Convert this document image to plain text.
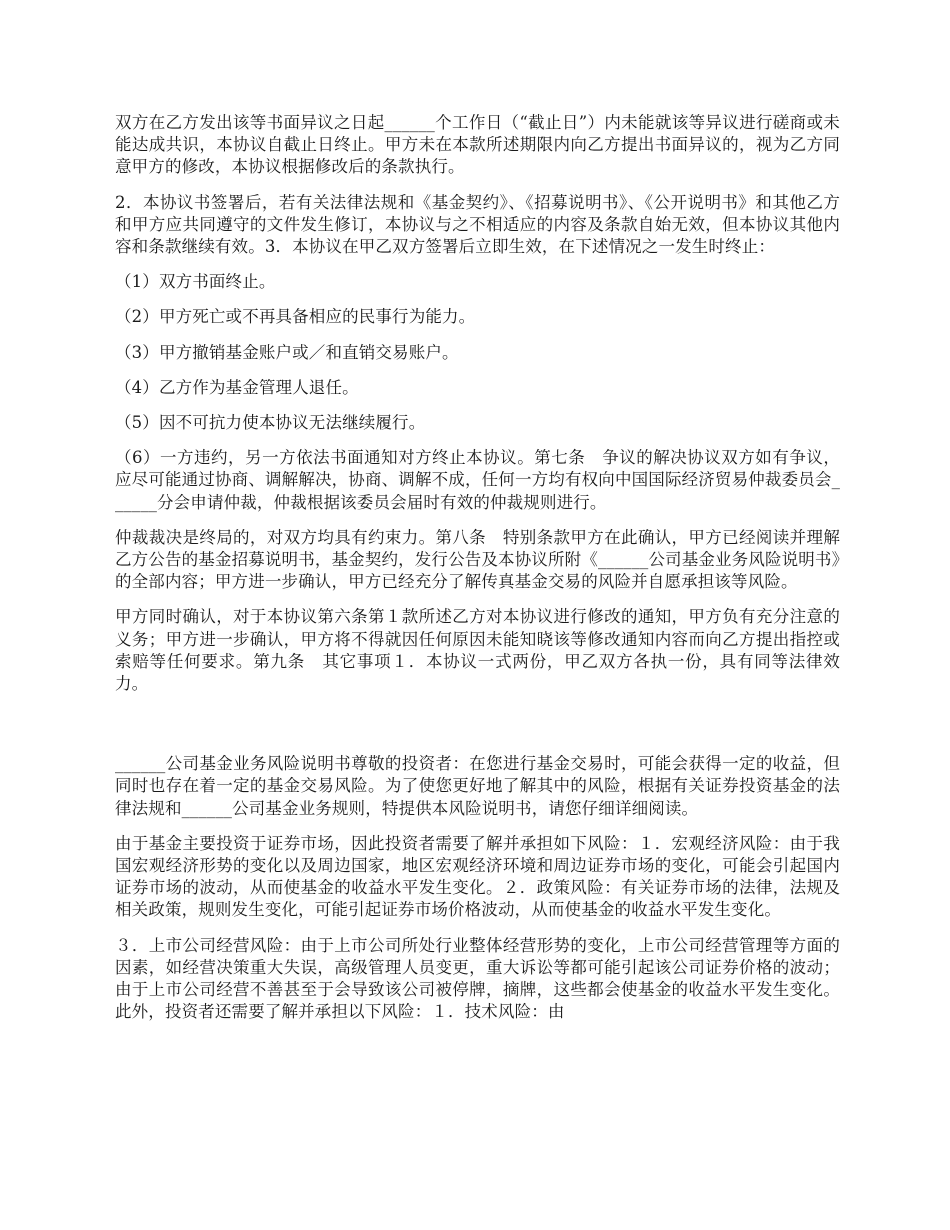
双方在乙方发出该等书面异议之日起______个工作日（“截止日”）内未能就该等异议进行磋商或未能达成共识，本协议自截止日终止。甲方未在本款所述期限内向乙方提出书面异议的，视为乙方同意甲方的修改，本协议根据修改后的条款执行。

2．本协议书签署后，若有关法律法规和《基金契约》、《招募说明书》、《公开说明书》和其他乙方和甲方应共同遵守的文件发生修订，本协议与之不相适应的内容及条款自始无效，但本协议其他内容和条款继续有效。3．本协议在甲乙双方签署后立即生效，在下述情况之一发生时终止：

（1）双方书面终止。

（2）甲方死亡或不再具备相应的民事行为能力。

（3）甲方撤销基金账户或／和直销交易账户。

（4）乙方作为基金管理人退任。

（5）因不可抗力使本协议无法继续履行。

（6）一方违约，另一方依法书面通知对方终止本协议。第七条　争议的解决协议双方如有争议，应尽可能通过协商、调解解决，协商、调解不成，任何一方均有权向中国国际经济贸易仲裁委员会______分会申请仲裁，仲裁根据该委员会届时有效的仲裁规则进行。

仲裁裁决是终局的，对双方均具有约束力。第八条　特别条款甲方在此确认，甲方已经阅读并理解乙方公告的基金招募说明书，基金契约，发行公告及本协议所附《______公司基金业务风险说明书》的全部内容；甲方进一步确认，甲方已经充分了解传真基金交易的风险并自愿承担该等风险。

甲方同时确认，对于本协议第六条第１款所述乙方对本协议进行修改的通知，甲方负有充分注意的义务；甲方进一步确认，甲方将不得就因任何原因未能知晓该等修改通知内容而向乙方提出指控或索赔等任何要求。第九条　其它事项１．本协议一式两份，甲乙双方各执一份，具有同等法律效力。

______公司基金业务风险说明书尊敬的投资者：在您进行基金交易时，可能会获得一定的收益，但同时也存在着一定的基金交易风险。为了使您更好地了解其中的风险，根据有关证券投资基金的法律法规和______公司基金业务规则，特提供本风险说明书，请您仔细详细阅读。

由于基金主要投资于证券市场，因此投资者需要了解并承担如下风险：１．宏观经济风险：由于我国宏观经济形势的变化以及周边国家，地区宏观经济环境和周边证券市场的变化，可能会引起国内证券市场的波动，从而使基金的收益水平发生变化。２．政策风险：有关证券市场的法律，法规及相关政策，规则发生变化，可能引起证券市场价格波动，从而使基金的收益水平发生变化。

３．上市公司经营风险：由于上市公司所处行业整体经营形势的变化，上市公司经营管理等方面的因素，如经营决策重大失误，高级管理人员变更，重大诉讼等都可能引起该公司证券价格的波动；由于上市公司经营不善甚至于会导致该公司被停牌，摘牌，这些都会使基金的收益水平发生变化。此外，投资者还需要了解并承担以下风险：１．技术风险：由
